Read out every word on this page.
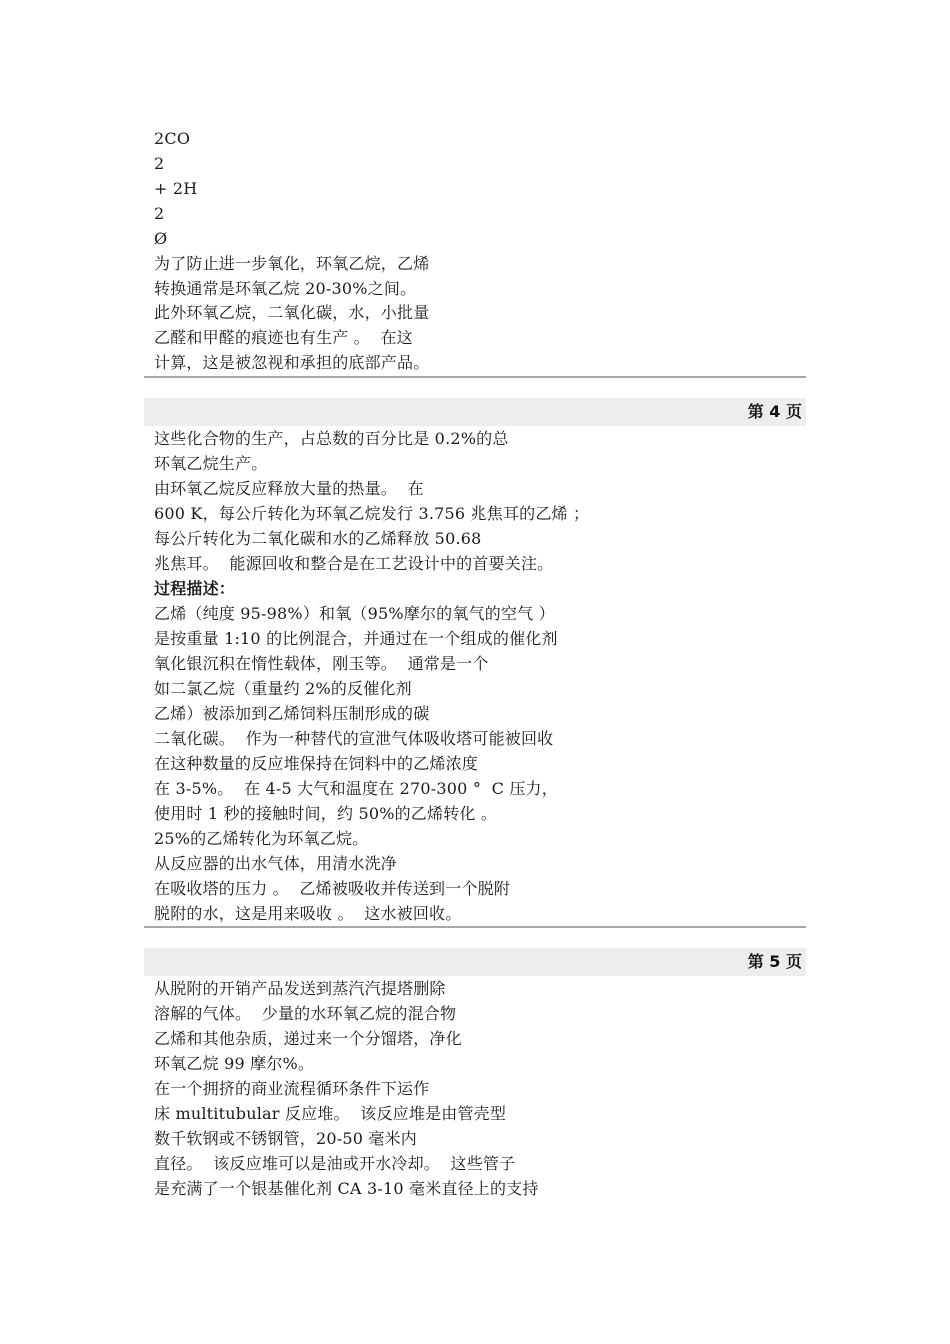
2CO
2
+ 2H
2
Ø
为了防止进一步氧化，环氧乙烷，乙烯
转换通常是环氧乙烷 20-30%之间。
此外环氧乙烷，二氧化碳，水，小批量
乙醛和甲醛的痕迹也有生产 。  在这
计算，这是被忽视和承担的底部产品。
第 4 页
这些化合物的生产，占总数的百分比是 0.2%的总
环氧乙烷生产。
由环氧乙烷反应释放大量的热量。  在
600 K，每公斤转化为环氧乙烷发行 3.756 兆焦耳的乙烯 ；
每公斤转化为二氧化碳和水的乙烯释放 50.68
兆焦耳。  能源回收和整合是在工艺设计中的首要关注。
过程描述：
乙烯（纯度 95-98%）和氧（95%摩尔的氧气的空气 ）
是按重量 1:10 的比例混合，并通过在一个组成的催化剂
氧化银沉积在惰性载体，刚玉等。  通常是一个
如二氯乙烷（重量约 2%的反催化剂
乙烯）被添加到乙烯饲料压制形成的碳
二氧化碳。  作为一种替代的宣泄气体吸收塔可能被回收
在这种数量的反应堆保持在饲料中的乙烯浓度
在 3-5%。  在 4-5 大气和温度在 270-300 °  C 压力，
使用时 1 秒的接触时间，约 50%的乙烯转化 。
25%的乙烯转化为环氧乙烷。
从反应器的出水气体，用清水洗净
在吸收塔的压力 。  乙烯被吸收并传送到一个脱附
脱附的水，这是用来吸收 。  这水被回收。
第 5 页
从脱附的开销产品发送到蒸汽汽提塔删除
溶解的气体。  少量的水环氧乙烷的混合物
乙烯和其他杂质，递过来一个分馏塔，净化
环氧乙烷 99 摩尔%。
在一个拥挤的商业流程循环条件下运作
床 multitubular 反应堆。  该反应堆是由管壳型
数千软钢或不锈钢管，20-50 毫米内
直径。  该反应堆可以是油或开水冷却。  这些管子
是充满了一个银基催化剂 CA 3-10 毫米直径上的支持
